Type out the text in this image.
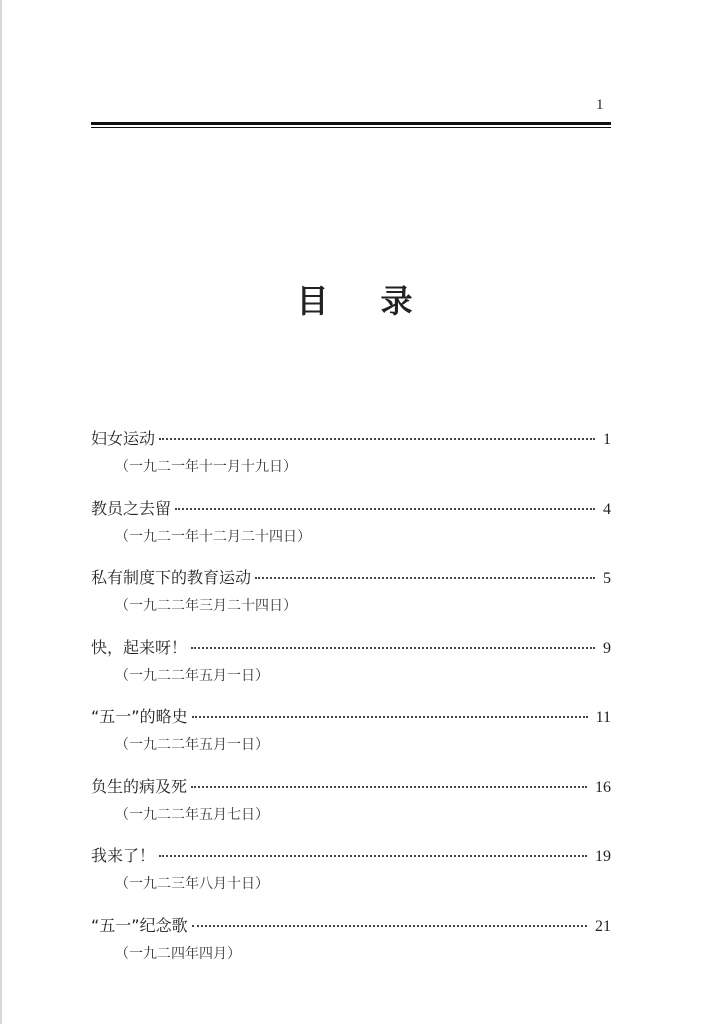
1
目 录
妇女运动	1
（一九二一年十一月十九日）
教员之去留	4
（一九二一年十二月二十四日）
私有制度下的教育运动	5
（一九二二年三月二十四日）
快，起来呀！	9
（一九二二年五月一日）
“五一”的略史	11
（一九二二年五月一日）
负生的病及死	16
（一九二二年五月七日）
我来了！	19
（一九二三年八月十日）
“五一”纪念歌	21
（一九二四年四月）
